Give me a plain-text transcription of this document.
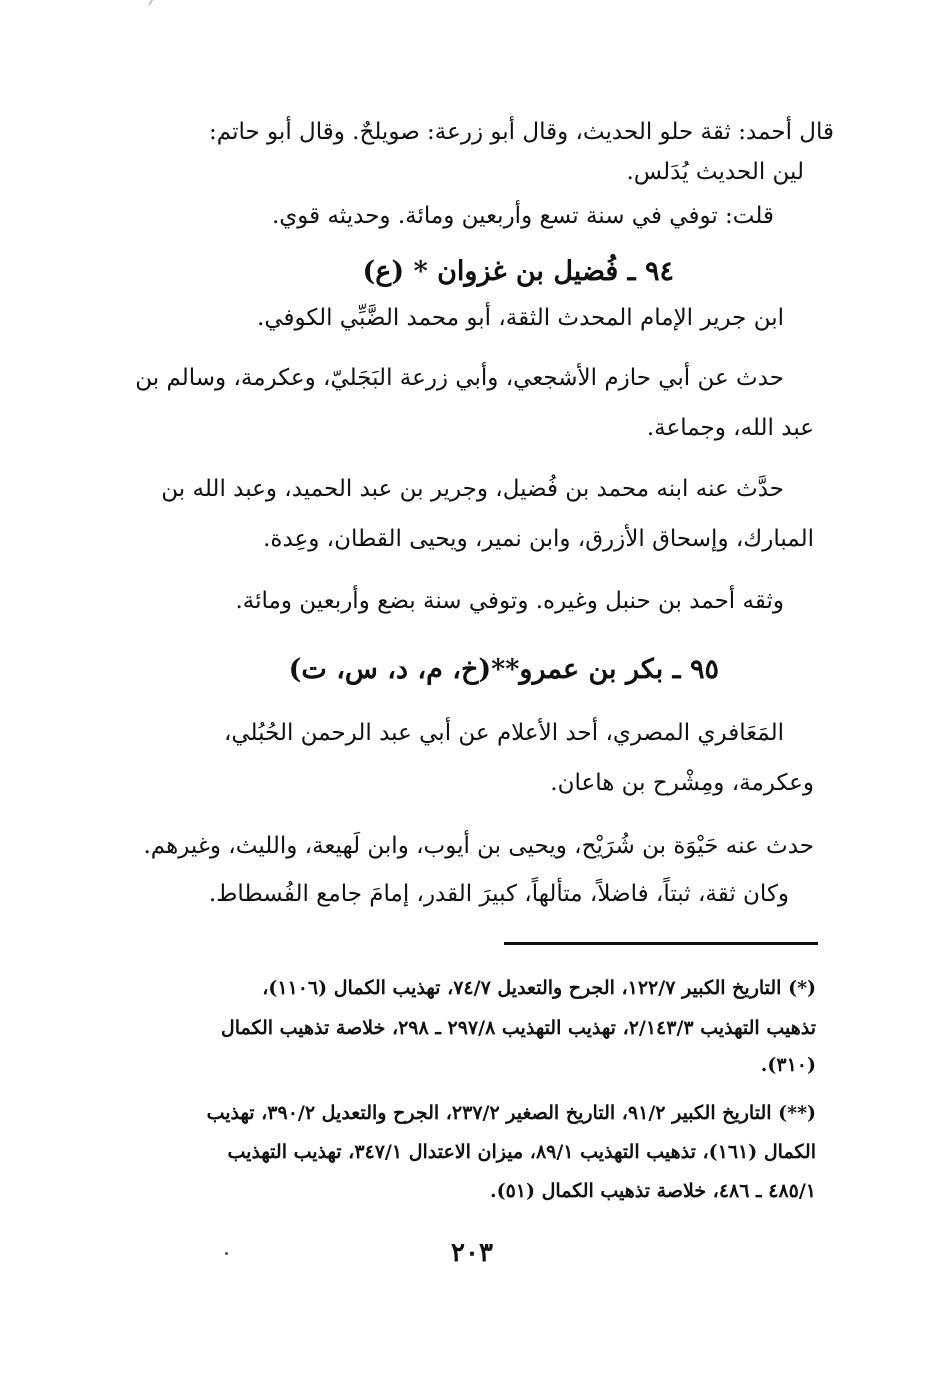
قال أحمد: ثقة حلو الحديث، وقال أبو زرعة: صويلحٌ. وقال أبو حاتم:

لين الحديث يُدَلس.

قلت: توفي في سنة تسع وأربعين ومائة. وحديثه قوي.

٩٤ ـ فُضيل بن غزوان * (ع)

ابن جرير الإمام المحدث الثقة، أبو محمد الضَّبِّي الكوفي.

حدث عن أبي حازم الأشجعي، وأبي زرعة البَجَليّ، وعكرمة، وسالم بن

عبد الله، وجماعة.

حدَّث عنه ابنه محمد بن فُضيل، وجرير بن عبد الحميد، وعبد الله بن

المبارك، وإسحاق الأزرق، وابن نمير، ويحيى القطان، وعِدة.

وثقه أحمد بن حنبل وغيره. وتوفي سنة بضع وأربعين ومائة.

٩٥ ـ بكر بن عمرو**(خ، م، د، س، ت)

المَعَافري المصري، أحد الأعلام عن أبي عبد الرحمن الحُبُلي،

وعكرمة، ومِشْرح بن هاعان.

حدث عنه حَيْوَة بن شُرَيْح، ويحيى بن أيوب، وابن لَهيعة، والليث، وغيرهم.

وكان ثقة، ثبتاً، فاضلاً، متألهاً، كبيرَ القدر، إمامَ جامع الفُسطاط.

(*) التاريخ الكبير ١٢٢/٧، الجرح والتعديل ٧٤/٧، تهذيب الكمال (١١٠٦)،

تذهيب التهذيب ٢/١٤٣/٣، تهذيب التهذيب ٢٩٧/٨ ـ ٢٩٨، خلاصة تذهيب الكمال

(٣١٠).

(**) التاريخ الكبير ٩١/٢، التاريخ الصغير ٢٣٧/٢، الجرح والتعديل ٣٩٠/٢، تهذيب

الكمال (١٦١)، تذهيب التهذيب ٨٩/١، ميزان الاعتدال ٣٤٧/١، تهذيب التهذيب

٤٨٥/١ ـ ٤٨٦، خلاصة تذهيب الكمال (٥١).

٢٠٣
